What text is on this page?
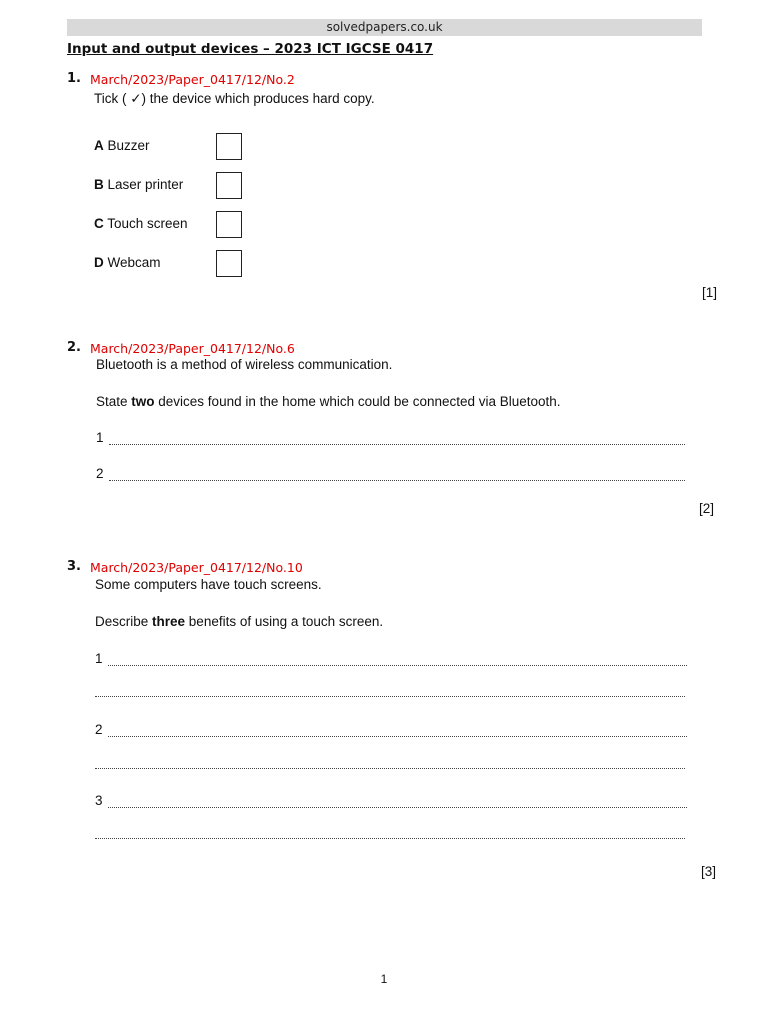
solvedpapers.co.uk
Input and output devices – 2023 ICT IGCSE 0417
1. March/2023/Paper_0417/12/No.2
Tick ( ✓) the device which produces hard copy.
A Buzzer
B Laser printer
C Touch screen
D Webcam
[1]
2. March/2023/Paper_0417/12/No.6
Bluetooth is a method of wireless communication.
State two devices found in the home which could be connected via Bluetooth.
1
2
[2]
3. March/2023/Paper_0417/12/No.10
Some computers have touch screens.
Describe three benefits of using a touch screen.
1
2
3
[3]
1
